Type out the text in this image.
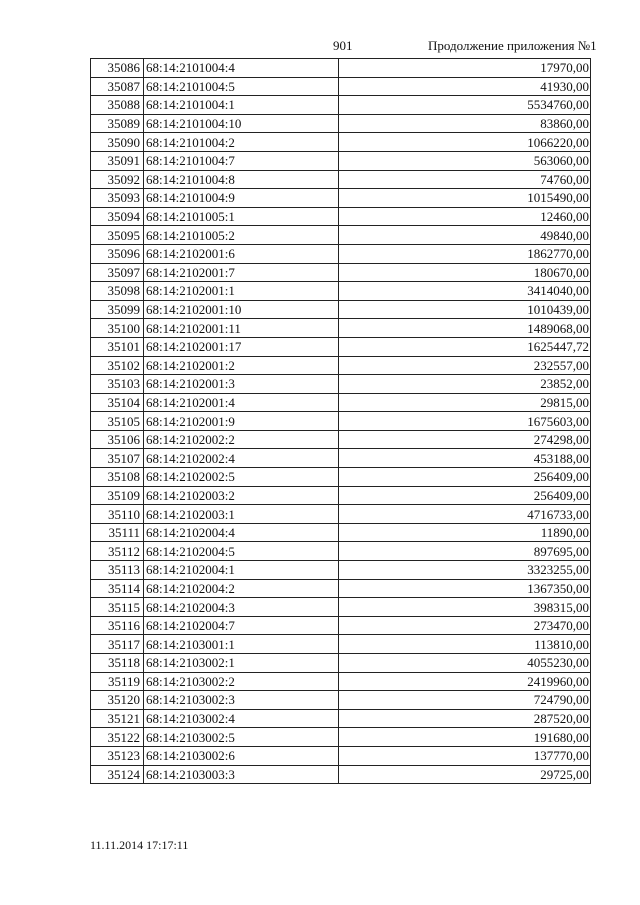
901	Продолжение приложения №1
35086	68:14:2101004:4	17970,00
35087	68:14:2101004:5	41930,00
35088	68:14:2101004:1	5534760,00
35089	68:14:2101004:10	83860,00
35090	68:14:2101004:2	1066220,00
35091	68:14:2101004:7	563060,00
35092	68:14:2101004:8	74760,00
35093	68:14:2101004:9	1015490,00
35094	68:14:2101005:1	12460,00
35095	68:14:2101005:2	49840,00
35096	68:14:2102001:6	1862770,00
35097	68:14:2102001:7	180670,00
35098	68:14:2102001:1	3414040,00
35099	68:14:2102001:10	1010439,00
35100	68:14:2102001:11	1489068,00
35101	68:14:2102001:17	1625447,72
35102	68:14:2102001:2	232557,00
35103	68:14:2102001:3	23852,00
35104	68:14:2102001:4	29815,00
35105	68:14:2102001:9	1675603,00
35106	68:14:2102002:2	274298,00
35107	68:14:2102002:4	453188,00
35108	68:14:2102002:5	256409,00
35109	68:14:2102003:2	256409,00
35110	68:14:2102003:1	4716733,00
35111	68:14:2102004:4	11890,00
35112	68:14:2102004:5	897695,00
35113	68:14:2102004:1	3323255,00
35114	68:14:2102004:2	1367350,00
35115	68:14:2102004:3	398315,00
35116	68:14:2102004:7	273470,00
35117	68:14:2103001:1	113810,00
35118	68:14:2103002:1	4055230,00
35119	68:14:2103002:2	2419960,00
35120	68:14:2103002:3	724790,00
35121	68:14:2103002:4	287520,00
35122	68:14:2103002:5	191680,00
35123	68:14:2103002:6	137770,00
35124	68:14:2103003:3	29725,00
11.11.2014 17:17:11
